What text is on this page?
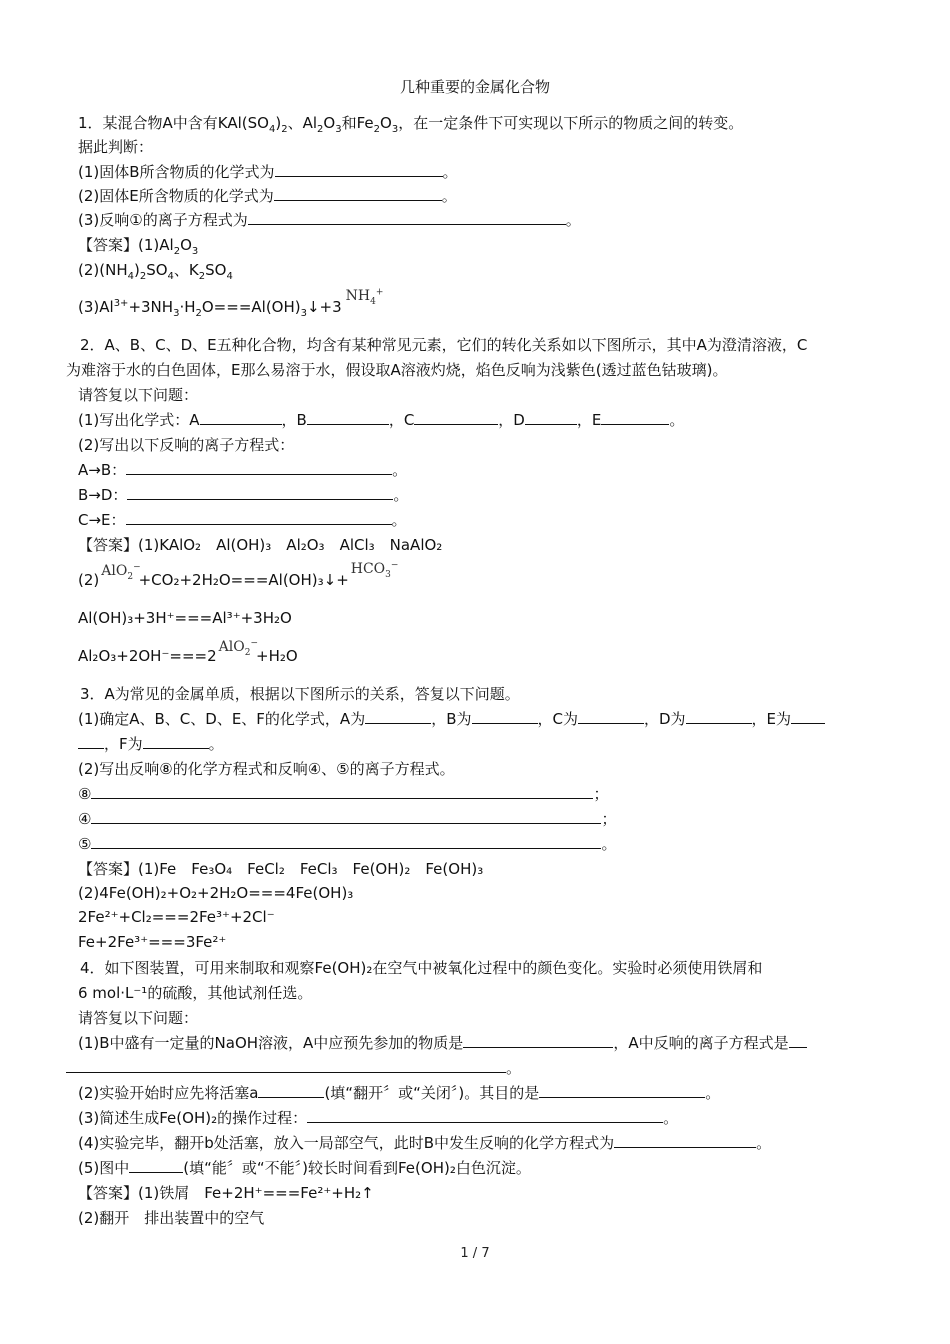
几种重要的金属化合物
1．某混合物A中含有$KAl(SO_4)_2$、$Al_2O_3$和$Fe_2O_3$，在一定条件下可实现以下所示的物质之间的转变。
据此判断：
(1)固体B所含物质的化学式为	。
(2)固体E所含物质的化学式为	。
(3)反响①的离子方程式为	。
【答案】$(1)Al_2O_3$
$(2)(NH_4)_2SO_4$、$K_2SO_4$
$(3)Al^{3+}+3NH_3\cdot H_2O===Al(OH)_3↓+3NH_4^+$
2．A、B、C、D、E五种化合物，均含有某种常见元素，它们的转化关系如以下图所示，其中A为澄清溶液，C
为难溶于水的白色固体，E那么易溶于水，假设取A溶液灼烧，焰色反响为浅紫色(透过蓝色钴玻璃)。
请答复以下问题：
(1)写出化学式：A	，B	，C	，D	，E	。
(2)写出以下反响的离子方程式：
A→B：	。
B→D：	。
C→E：	。
【答案】(1)KAlO₂　Al(OH)₃　Al₂O₃　AlCl₃　NaAlO₂
(2) $AlO_2^-+CO_2+2H_2O===Al(OH)_3↓+HCO_3^-$
Al(OH)₃+3H⁺===Al³⁺+3H₂O
Al₂O₃+2OH⁻===2 AlO$_2$−+H₂O
3．A为常见的金属单质，根据以下图所示的关系，答复以下问题。
(1)确定A、B、C、D、E、F的化学式，A为	，B为	，C为	，D为	，E为
，F为	。
(2)写出反响⑧的化学方程式和反响④、⑤的离子方程式。
⑧	；
④	；
⑤	。
【答案】(1)Fe　Fe₃O₄　FeCl₂　FeCl₃　Fe(OH)₂　Fe(OH)₃
(2)4Fe(OH)₂+O₂+2H₂O===4Fe(OH)₃
2Fe²⁺+Cl₂===2Fe³⁺+2Cl⁻
Fe+2Fe³⁺===3Fe²⁺
4．如下图装置，可用来制取和观察Fe(OH)₂在空气中被氧化过程中的颜色变化。实验时必须使用铁屑和
6 mol·L⁻¹的硫酸，其他试剂任选。
请答复以下问题：
(1)B中盛有一定量的NaOH溶液，A中应预先参加的物质是	，A中反响的离子方程式是
。
(2)实验开始时应先将活塞a	(填“翻开〞或“关闭〞)。其目的是	。
(3)简述生成Fe(OH)₂的操作过程：	。
(4)实验完毕，翻开b处活塞，放入一局部空气，此时B中发生反响的化学方程式为	。
(5)图中	(填“能〞或“不能〞)较长时间看到Fe(OH)₂白色沉淀。
【答案】(1)铁屑　Fe+2H⁺===Fe²⁺+H₂↑
(2)翻开　排出装置中的空气
1 / 7
